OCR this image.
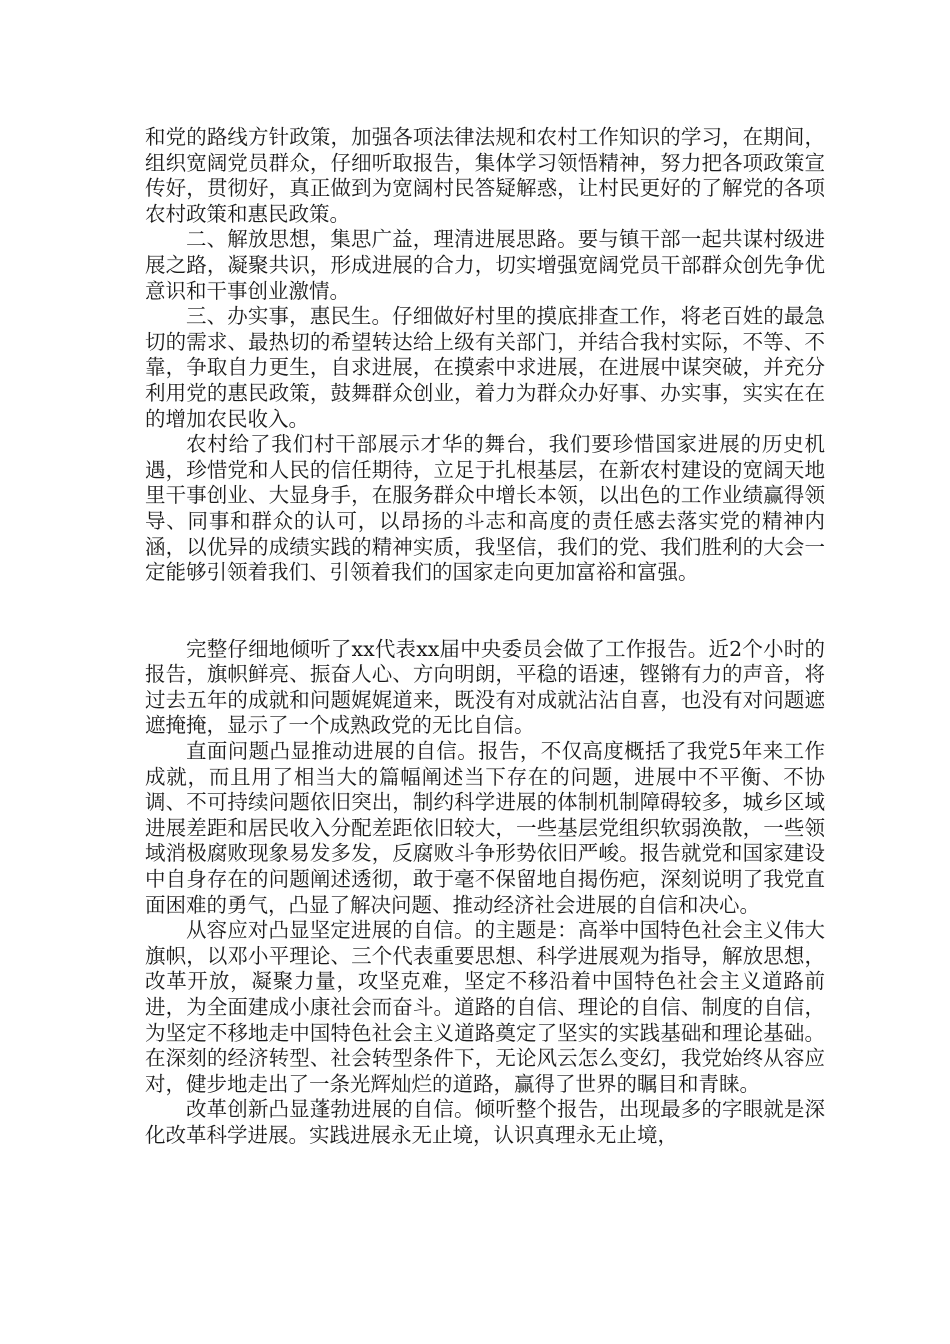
和党的路线方针政策，加强各项法律法规和农村工作知识的学习，在期间，组织宽阔党员群众，仔细听取报告，集体学习领悟精神，努力把各项政策宣传好，贯彻好，真正做到为宽阔村民答疑解惑，让村民更好的了解党的各项农村政策和惠民政策。

二、解放思想，集思广益，理清进展思路。要与镇干部一起共谋村级进展之路，凝聚共识，形成进展的合力，切实增强宽阔党员干部群众创先争优意识和干事创业激情。

三、办实事，惠民生。仔细做好村里的摸底排查工作，将老百姓的最急切的需求、最热切的希望转达给上级有关部门，并结合我村实际，不等、不靠，争取自力更生，自求进展，在摸索中求进展，在进展中谋突破，并充分利用党的惠民政策，鼓舞群众创业，着力为群众办好事、办实事，实实在在的增加农民收入。

农村给了我们村干部展示才华的舞台，我们要珍惜国家进展的历史机遇，珍惜党和人民的信任期待，立足于扎根基层，在新农村建设的宽阔天地里干事创业、大显身手，在服务群众中增长本领，以出色的工作业绩赢得领导、同事和群众的认可，以昂扬的斗志和高度的责任感去落实党的精神内涵，以优异的成绩实践的精神实质，我坚信，我们的党、我们胜利的大会一定能够引领着我们、引领着我们的国家走向更加富裕和富强。

完整仔细地倾听了xx代表xx届中央委员会做了工作报告。近2个小时的报告，旗帜鲜亮、振奋人心、方向明朗，平稳的语速，铿锵有力的声音，将过去五年的成就和问题娓娓道来，既没有对成就沾沾自喜，也没有对问题遮遮掩掩，显示了一个成熟政党的无比自信。

直面问题凸显推动进展的自信。报告，不仅高度概括了我党5年来工作成就，而且用了相当大的篇幅阐述当下存在的问题，进展中不平衡、不协调、不可持续问题依旧突出，制约科学进展的体制机制障碍较多，城乡区域进展差距和居民收入分配差距依旧较大，一些基层党组织软弱涣散，一些领域消极腐败现象易发多发，反腐败斗争形势依旧严峻。报告就党和国家建设中自身存在的问题阐述透彻，敢于毫不保留地自揭伤疤，深刻说明了我党直面困难的勇气，凸显了解决问题、推动经济社会进展的自信和决心。

从容应对凸显坚定进展的自信。的主题是：高举中国特色社会主义伟大旗帜，以邓小平理论、三个代表重要思想、科学进展观为指导，解放思想，改革开放，凝聚力量，攻坚克难，坚定不移沿着中国特色社会主义道路前进，为全面建成小康社会而奋斗。道路的自信、理论的自信、制度的自信，为坚定不移地走中国特色社会主义道路奠定了坚实的实践基础和理论基础。在深刻的经济转型、社会转型条件下，无论风云怎么变幻，我党始终从容应对，健步地走出了一条光辉灿烂的道路，赢得了世界的瞩目和青睐。

改革创新凸显蓬勃进展的自信。倾听整个报告，出现最多的字眼就是深化改革科学进展。实践进展永无止境，认识真理永无止境，
